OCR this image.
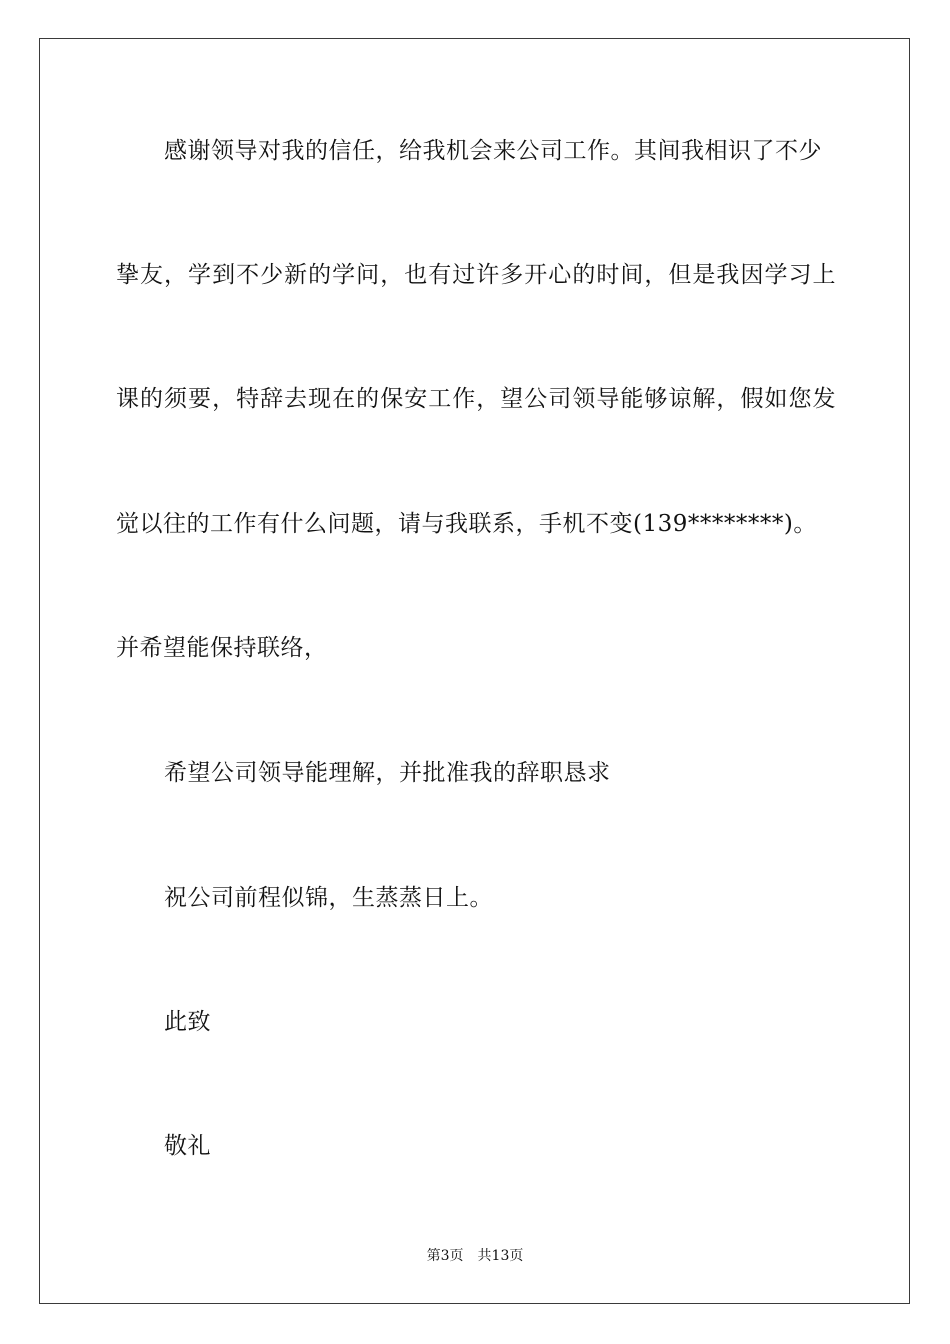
感谢领导对我的信任，给我机会来公司工作。其间我相识了不少
挚友，学到不少新的学问，也有过许多开心的时间，但是我因学习上
课的须要，特辞去现在的保安工作，望公司领导能够谅解，假如您发
觉以往的工作有什么问题，请与我联系，手机不变(139********)。
并希望能保持联络，
希望公司领导能理解，并批准我的辞职恳求
祝公司前程似锦，生蒸蒸日上。
此致
敬礼
第3页 共13页
